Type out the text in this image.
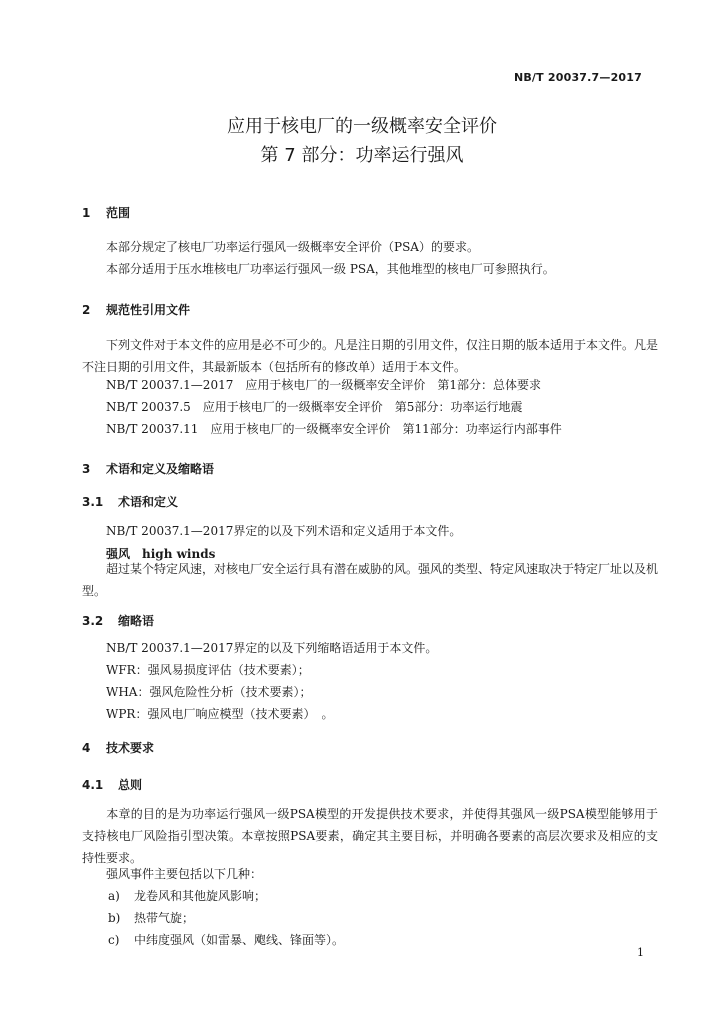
NB/T 20037.7—2017
应用于核电厂的一级概率安全评价
第 7 部分：功率运行强风
1 范围
本部分规定了核电厂功率运行强风一级概率安全评价（PSA）的要求。
本部分适用于压水堆核电厂功率运行强风一级 PSA，其他堆型的核电厂可参照执行。
2 规范性引用文件
下列文件对于本文件的应用是必不可少的。凡是注日期的引用文件，仅注日期的版本适用于本文件。凡是不注日期的引用文件，其最新版本（包括所有的修改单）适用于本文件。
NB/T 20037.1—2017　应用于核电厂的一级概率安全评价　第1部分：总体要求
NB/T 20037.5　应用于核电厂的一级概率安全评价　第5部分：功率运行地震
NB/T 20037.11　应用于核电厂的一级概率安全评价　第11部分：功率运行内部事件
3 术语和定义及缩略语
3.1 术语和定义
NB/T 20037.1—2017界定的以及下列术语和定义适用于本文件。
强风 high winds
超过某个特定风速，对核电厂安全运行具有潜在威胁的风。强风的类型、特定风速取决于特定厂址以及机型。
3.2 缩略语
NB/T 20037.1—2017界定的以及下列缩略语适用于本文件。
WFR：强风易损度评估（技术要素）；
WHA：强风危险性分析（技术要素）；
WPR：强风电厂响应模型（技术要素）　。
4 技术要求
4.1 总则
本章的目的是为功率运行强风一级PSA模型的开发提供技术要求，并使得其强风一级PSA模型能够用于支持核电厂风险指引型决策。本章按照PSA要素，确定其主要目标，并明确各要素的高层次要求及相应的支持性要求。
强风事件主要包括以下几种：
a) 龙卷风和其他旋风影响；
b) 热带气旋；
c) 中纬度强风（如雷暴、飑线、锋面等）。
1
